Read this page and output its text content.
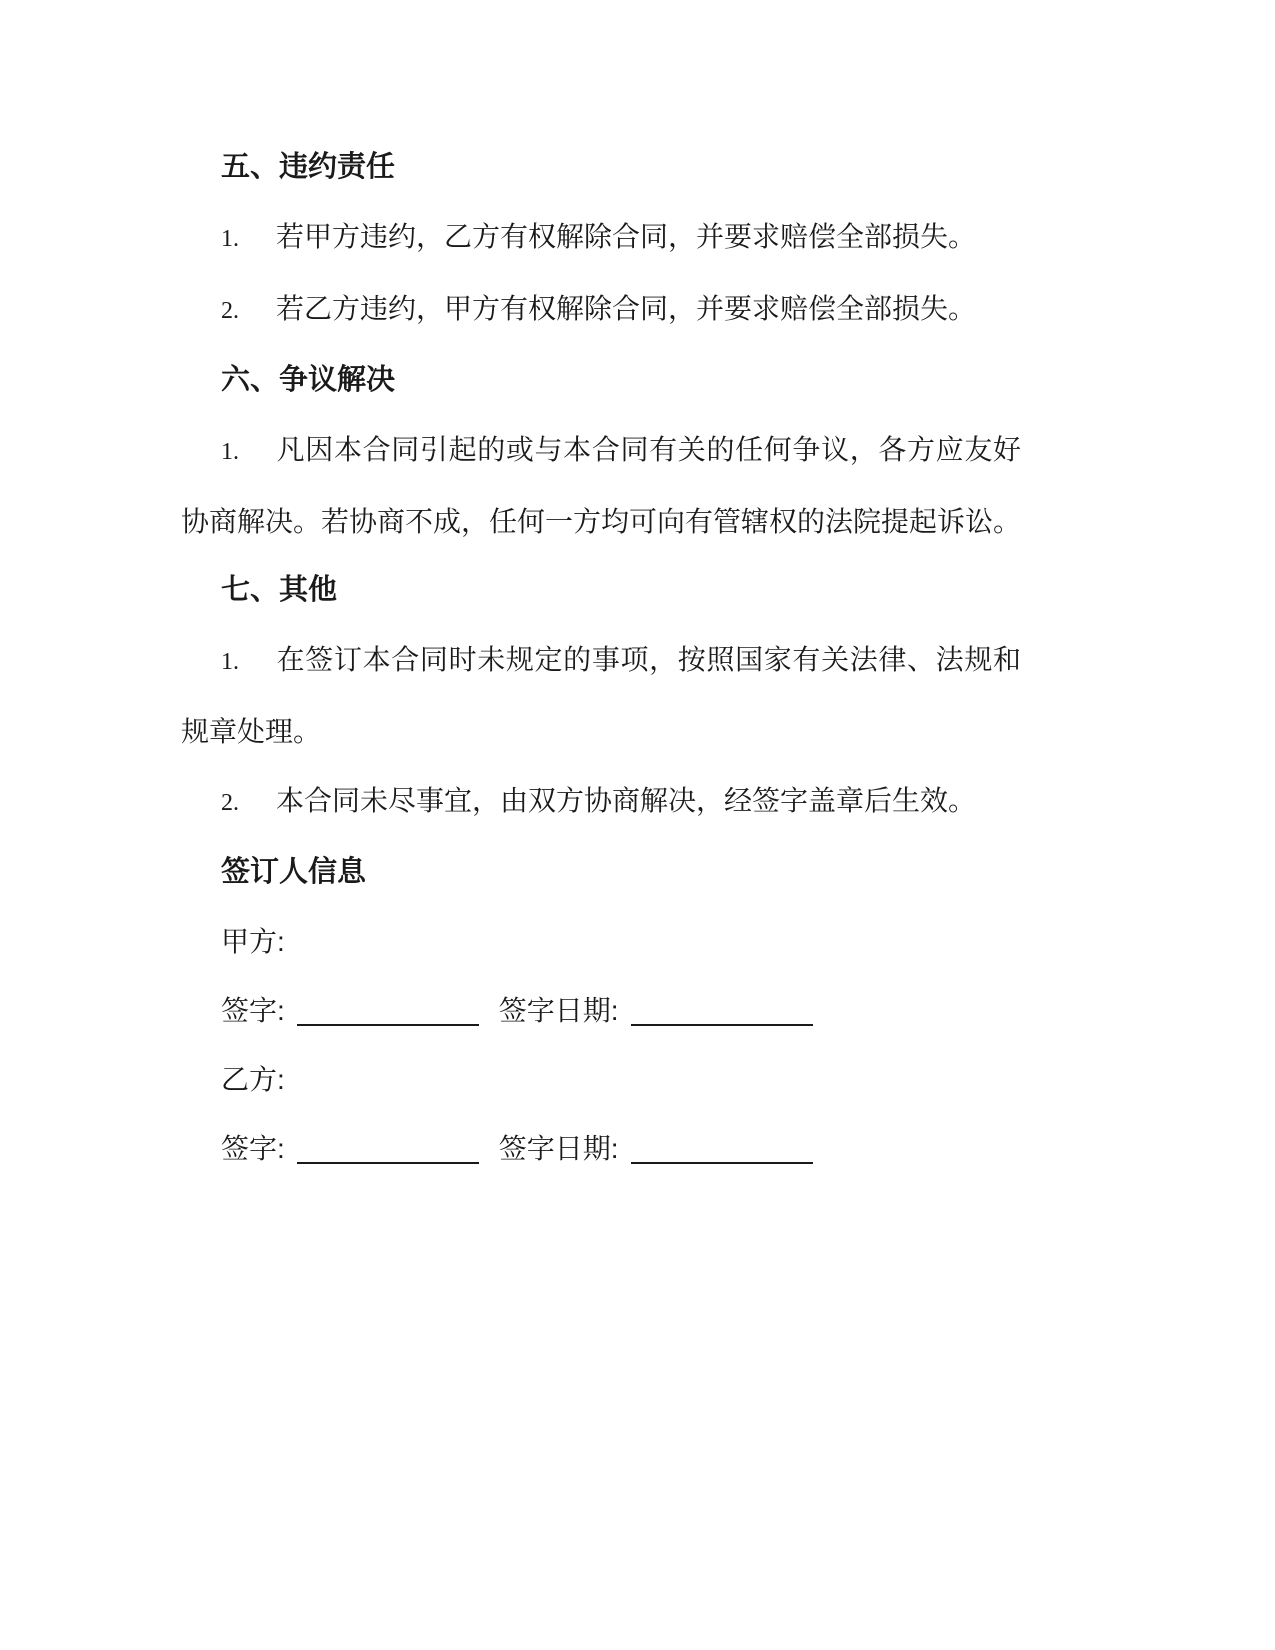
五、违约责任

1. 若甲方违约，乙方有权解除合同，并要求赔偿全部损失。

2. 若乙方违约，甲方有权解除合同，并要求赔偿全部损失。

六、争议解决

1. 凡因本合同引起的或与本合同有关的任何争议，各方应友好协商解决。若协商不成，任何一方均可向有管辖权的法院提起诉讼。

七、其他

1. 在签订本合同时未规定的事项，按照国家有关法律、法规和规章处理。

2. 本合同未尽事宜，由双方协商解决，经签字盖章后生效。

签订人信息

甲方:

签字:	签字日期:

乙方:

签字:	签字日期:
